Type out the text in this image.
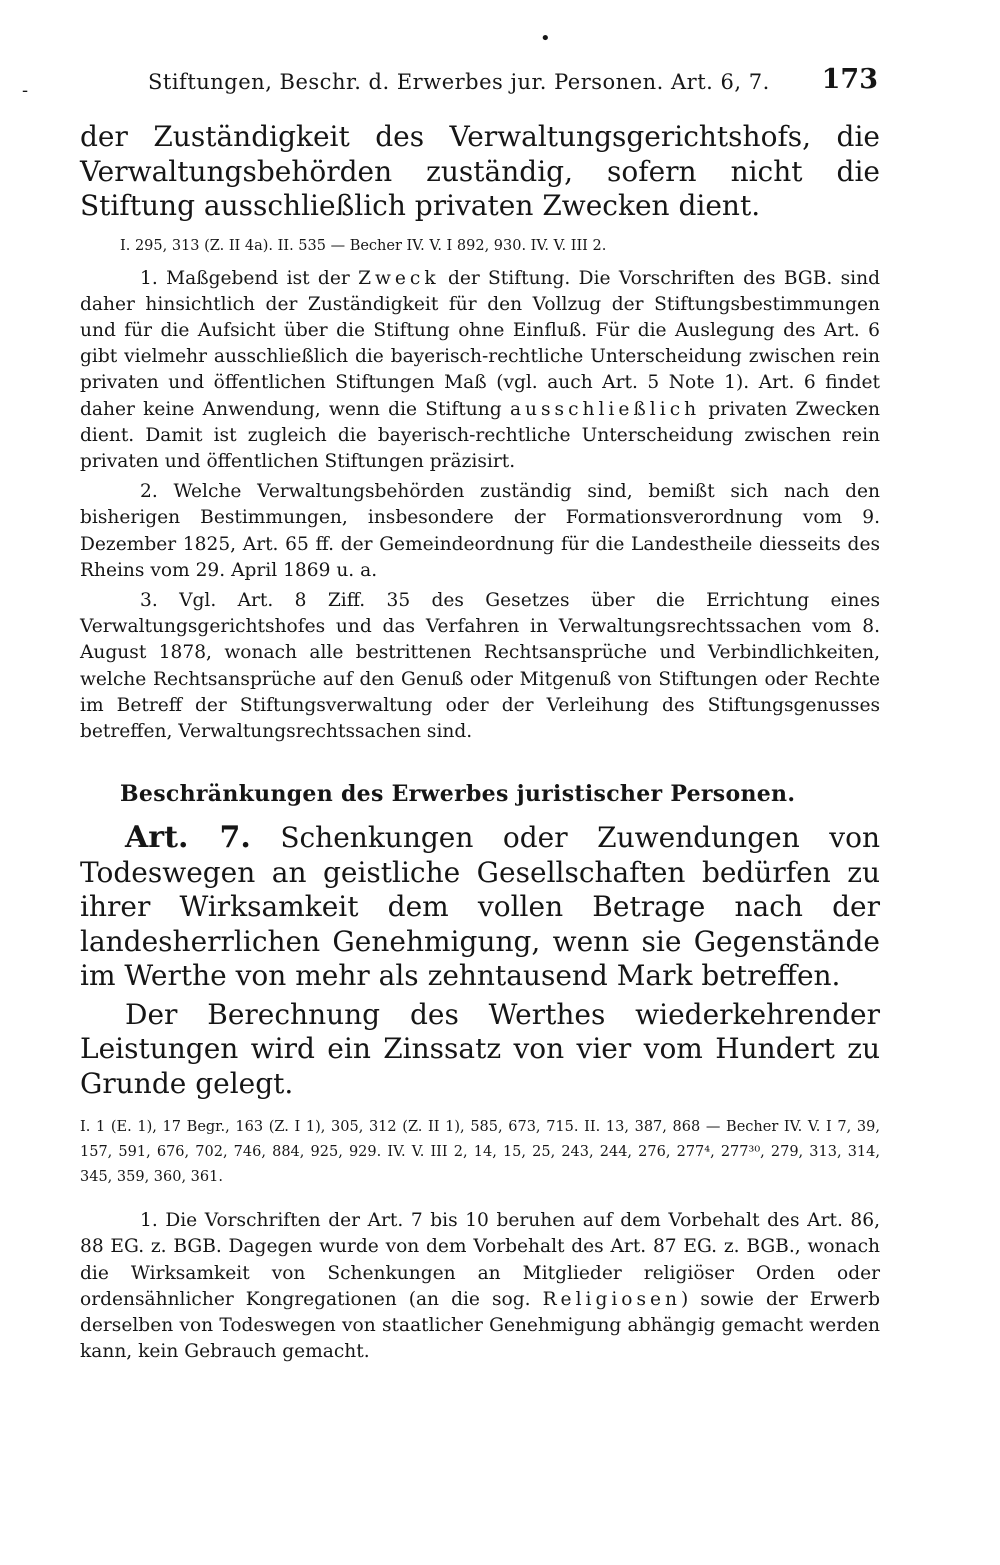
-
•
Stiftungen, Beschr. d. Erwerbes jur. Personen. Art. 6, 7. 173

der Zuständigkeit des Verwaltungsgerichtshofs, die Verwaltungsbehörden zuständig, sofern nicht die Stiftung ausschließlich privaten Zwecken dient.

I. 295, 313 (Z. II 4a). II. 535 — Becher IV. V. I 892, 930. IV. V. III 2.

1. Maßgebend ist der Zweck der Stiftung. Die Vorschriften des BGB. sind daher hinsichtlich der Zuständigkeit für den Vollzug der Stiftungsbestimmungen und für die Aufsicht über die Stiftung ohne Einfluß. Für die Auslegung des Art. 6 gibt vielmehr ausschließlich die bayerisch-rechtliche Unterscheidung zwischen rein privaten und öffentlichen Stiftungen Maß (vgl. auch Art. 5 Note 1). Art. 6 findet daher keine Anwendung, wenn die Stiftung ausschließlich privaten Zwecken dient. Damit ist zugleich die bayerisch-rechtliche Unterscheidung zwischen rein privaten und öffentlichen Stiftungen präzisirt.

2. Welche Verwaltungsbehörden zuständig sind, bemißt sich nach den bisherigen Bestimmungen, insbesondere der Formationsverordnung vom 9. Dezember 1825, Art. 65 ff. der Gemeindeordnung für die Landestheile diesseits des Rheins vom 29. April 1869 u. a.

3. Vgl. Art. 8 Ziff. 35 des Gesetzes über die Errichtung eines Verwaltungsgerichtshofes und das Verfahren in Verwaltungsrechtssachen vom 8. August 1878, wonach alle bestrittenen Rechtsansprüche und Verbindlichkeiten, welche Rechtsansprüche auf den Genuß oder Mitgenuß von Stiftungen oder Rechte im Betreff der Stiftungsverwaltung oder der Verleihung des Stiftungsgenusses betreffen, Verwaltungsrechtssachen sind.

Beschränkungen des Erwerbes juristischer Personen.

Art. 7. Schenkungen oder Zuwendungen von Todeswegen an geistliche Gesellschaften bedürfen zu ihrer Wirksamkeit dem vollen Betrage nach der landesherrlichen Genehmigung, wenn sie Gegenstände im Werthe von mehr als zehntausend Mark betreffen.

Der Berechnung des Werthes wiederkehrender Leistungen wird ein Zinssatz von vier vom Hundert zu Grunde gelegt.

I. 1 (E. 1), 17 Begr., 163 (Z. I 1), 305, 312 (Z. II 1), 585, 673, 715. II. 13, 387, 868 — Becher IV. V. I 7, 39, 157, 591, 676, 702, 746, 884, 925, 929. IV. V. III 2, 14, 15, 25, 243, 244, 276, 277⁴, 277³⁰, 279, 313, 314, 345, 359, 360, 361.

1. Die Vorschriften der Art. 7 bis 10 beruhen auf dem Vorbehalt des Art. 86, 88 EG. z. BGB. Dagegen wurde von dem Vorbehalt des Art. 87 EG. z. BGB., wonach die Wirksamkeit von Schenkungen an Mitglieder religiöser Orden oder ordensähnlicher Kongregationen (an die sog. Religiosen) sowie der Erwerb derselben von Todeswegen von staatlicher Genehmigung abhängig gemacht werden kann, kein Gebrauch gemacht.
